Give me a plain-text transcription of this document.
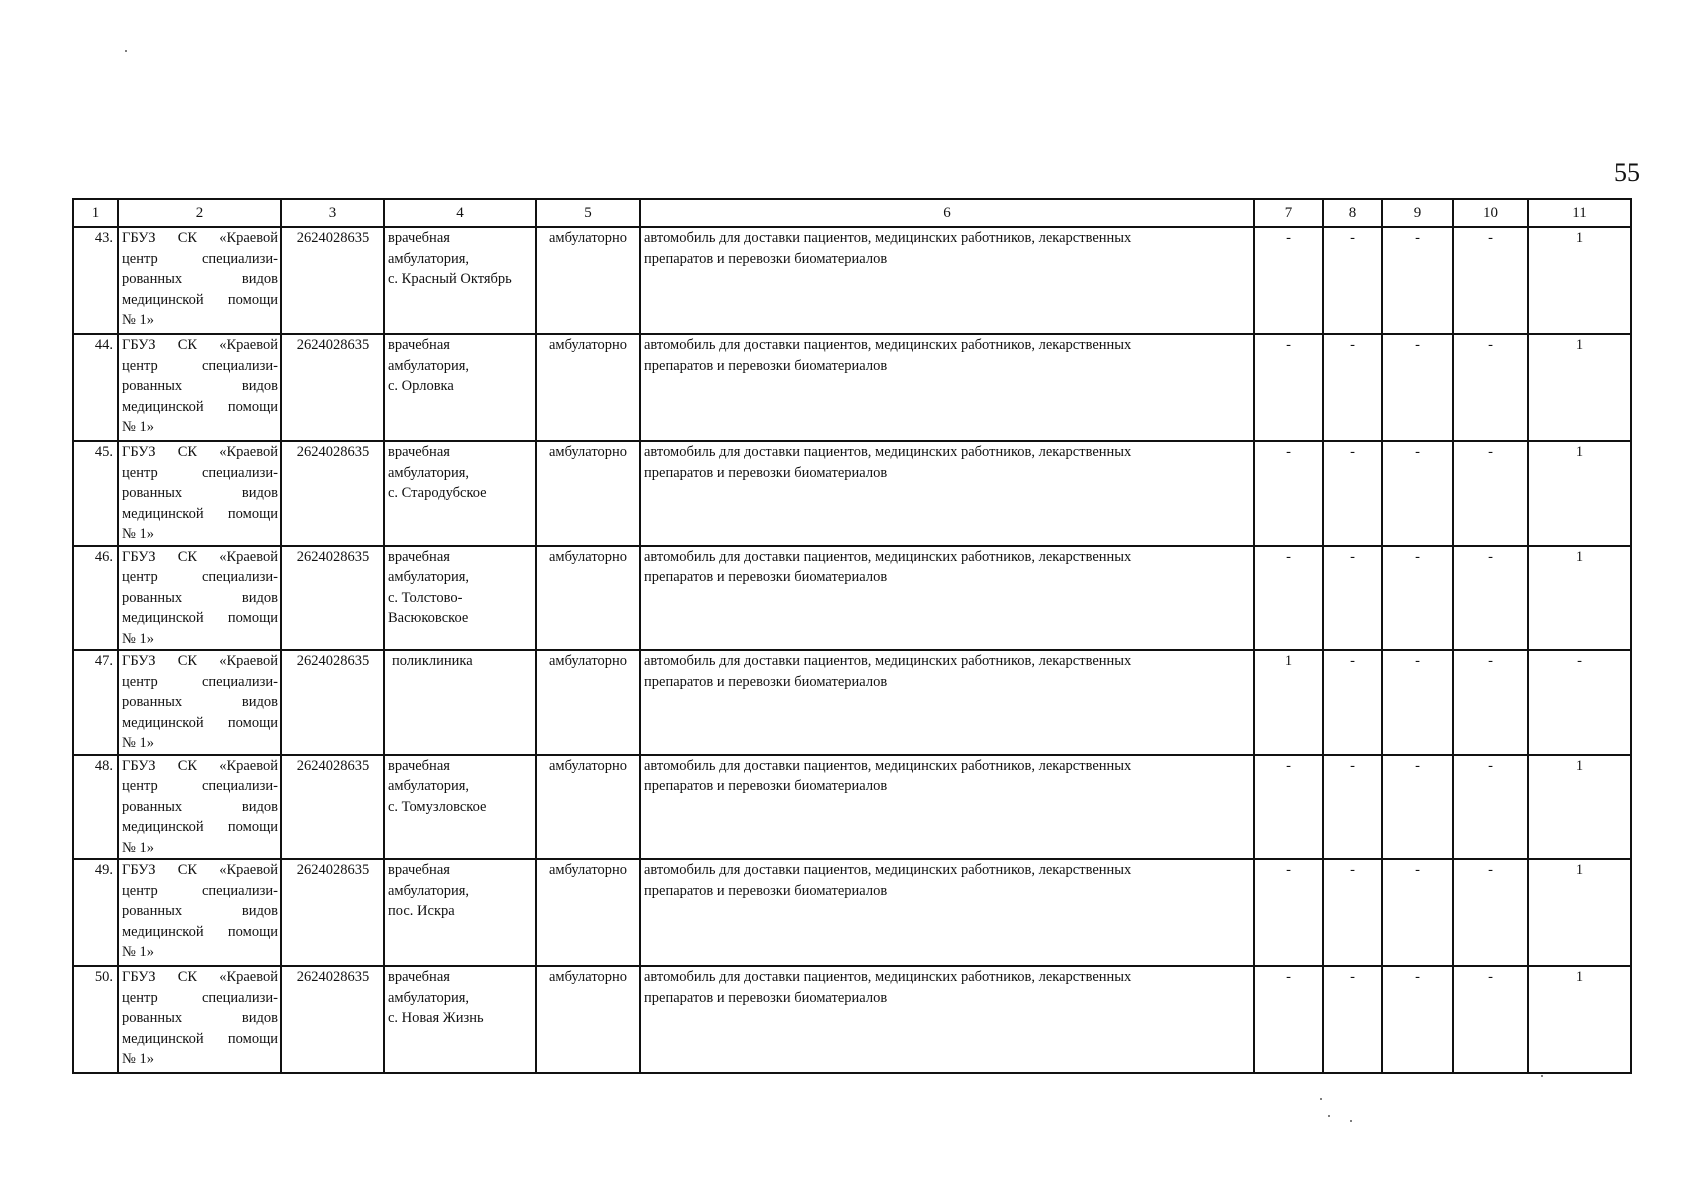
55
1	2	3	4	5	6	7	8	9	10	11
43.	ГБУЗ СК «Краевой
центр специализи-
рованных видов
медицинской помощи
№ 1»	2624028635	врачебная
амбулатория,
с. Красный Октябрь	амбулаторно	автомобиль для доставки пациентов, медицинских работников, лекарственных
препаратов и перевозки биоматериалов	-	-	-	-	1
44.	ГБУЗ СК «Краевой
центр специализи-
рованных видов
медицинской помощи
№ 1»	2624028635	врачебная
амбулатория,
с. Орловка	амбулаторно	автомобиль для доставки пациентов, медицинских работников, лекарственных
препаратов и перевозки биоматериалов	-	-	-	-	1
45.	ГБУЗ СК «Краевой
центр специализи-
рованных видов
медицинской помощи
№ 1»	2624028635	врачебная
амбулатория,
с. Стародубское	амбулаторно	автомобиль для доставки пациентов, медицинских работников, лекарственных
препаратов и перевозки биоматериалов	-	-	-	-	1
46.	ГБУЗ СК «Краевой
центр специализи-
рованных видов
медицинской помощи
№ 1»	2624028635	врачебная
амбулатория,
с. Толстово-
Васюковское	амбулаторно	автомобиль для доставки пациентов, медицинских работников, лекарственных
препаратов и перевозки биоматериалов	-	-	-	-	1
47.	ГБУЗ СК «Краевой
центр специализи-
рованных видов
медицинской помощи
№ 1»	2624028635	поликлиника	амбулаторно	автомобиль для доставки пациентов, медицинских работников, лекарственных
препаратов и перевозки биоматериалов	1	-	-	-	-
48.	ГБУЗ СК «Краевой
центр специализи-
рованных видов
медицинской помощи
№ 1»	2624028635	врачебная
амбулатория,
с. Томузловское	амбулаторно	автомобиль для доставки пациентов, медицинских работников, лекарственных
препаратов и перевозки биоматериалов	-	-	-	-	1
49.	ГБУЗ СК «Краевой
центр специализи-
рованных видов
медицинской помощи
№ 1»	2624028635	врачебная
амбулатория,
пос. Искра	амбулаторно	автомобиль для доставки пациентов, медицинских работников, лекарственных
препаратов и перевозки биоматериалов	-	-	-	-	1
50.	ГБУЗ СК «Краевой
центр специализи-
рованных видов
медицинской помощи
№ 1»	2624028635	врачебная
амбулатория,
с. Новая Жизнь	амбулаторно	автомобиль для доставки пациентов, медицинских работников, лекарственных
препаратов и перевозки биоматериалов	-	-	-	-	1
